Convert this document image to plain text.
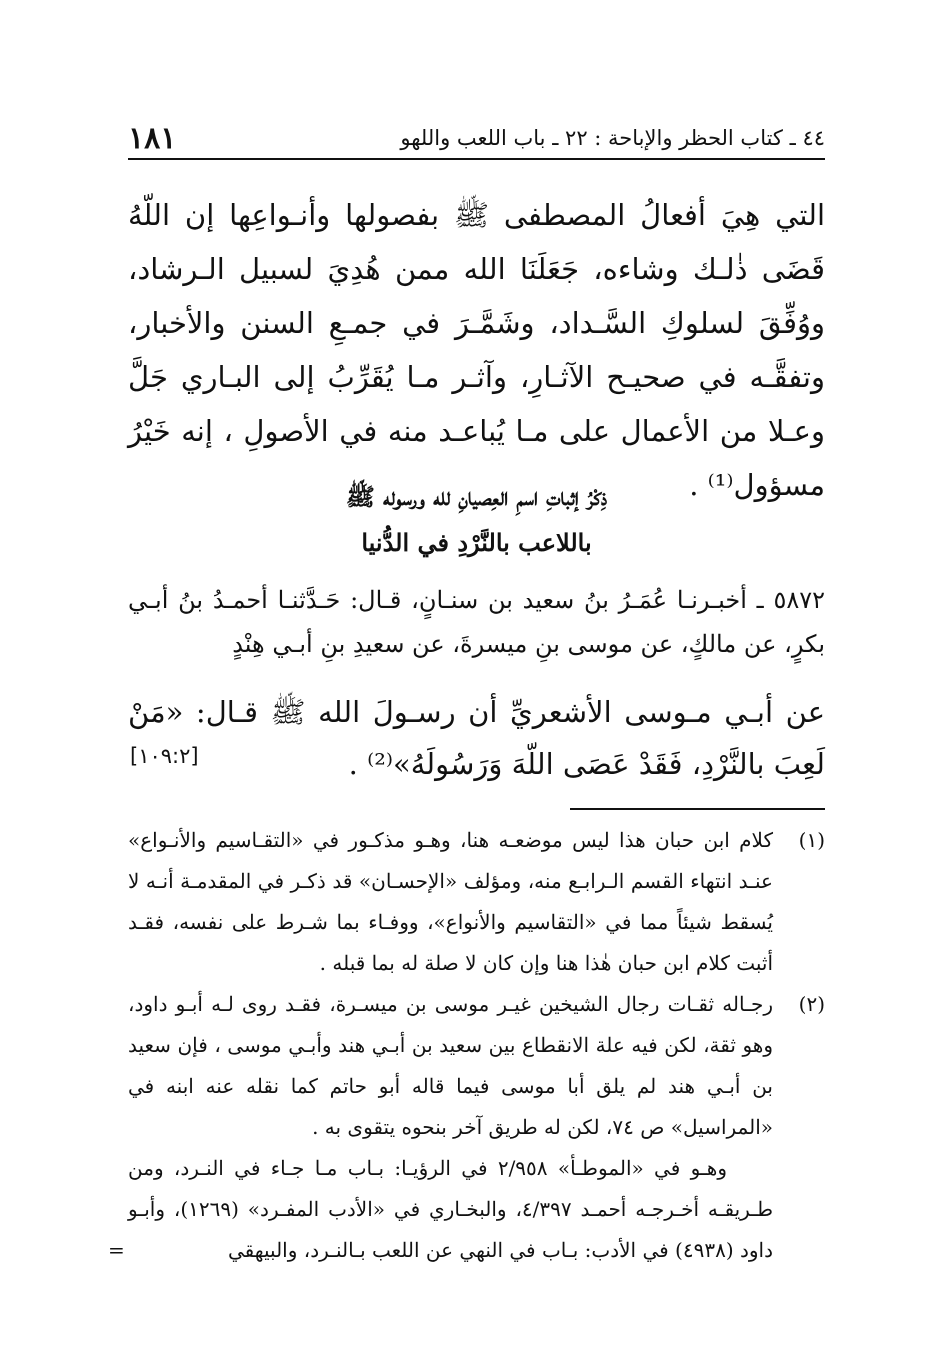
٤٤ ـ كتاب الحظر والإباحة : ٢٢ ـ باب اللعب واللهو
١٨١

التي هِيَ أفعالُ المصطفى ﷺ بفصولها وأنـواعِها إن اللّهُ قَضَى ذٰلـك وشاءه، جَعَلَنَا الله ممن هُدِيَ لسبيل الـرشاد، ووُفِّقَ لسلوكِ السَّـداد، وشَمَّـرَ في جمـعِ السنن والأخبار، وتفقَّـه في صحيـح الآثـارِ، وآثـر مـا يُقَرِّبُ إلى البـاري جَلَّ وعـلا من الأعمال على مـا يُباعـد منه في الأصولِ ، إنه خَيْرُ مسؤول⁽¹⁾ .

ذِكْرُ إثباتِ اسمِ العِصيانِ لله ورسوله ﷺ
باللاعب بالنَّرْدِ في الدُّنيا

٥٨٧٢ ـ أخبـرنـا عُمَـرُ بنُ سعيد بن سنـانٍ، قـال: حَـدَّثنـا أحمـدُ بنُ أبـي بكرٍ، عن مالكٍ، عن موسى بنِ ميسرةَ، عن سعيدِ بنِ أبـي هِنْدٍ

عن أبـي مـوسى الأشعريِّ أن رسـولَ الله ﷺ قـال: «مَنْ لَعِبَ بالنَّرْدِ، فَقَدْ عَصَى اللّهَ وَرَسُولَهُ»⁽²⁾ .

[١٠٩:٢]
(١)
كلام ابن حبان هذا ليس موضعـه هنا، وهـو مذكـور في «التقـاسيم والأنـواع» عنـد انتهاء القسم الـرابـع منه، ومؤلف «الإحسـان» قد ذكـر في المقدمـة أنـه لا يُسقط شيئاً مما في «التقاسيم والأنواع»، ووفـاء بما شـرط على نفسه، فقـد أثبت كلام ابن حبان هٰذا هنا وإن كان لا صلة له بما قبله .
(٢)
رجـاله ثقـات رجال الشيخين غيـر موسى بن ميسـرة، فقـد روى لـه أبـو داود، وهو ثقة، لكن فيه علة الانقطاع بين سعيد بن أبـي هند وأبـي موسى ، فإن سعيد بن أبـي هند لم يلق أبا موسى فيما قاله أبو حاتم كما نقله عنه ابنه في «المراسيل» ص ٧٤، لكن له طريق آخر بنحوه يتقوى به .
وهـو في «الموطـأ» ٢/٩٥٨ في الرؤيـا: بـاب مـا جـاء في النـرد، ومن طـريقـه أخـرجـه أحمـد ٤/٣٩٧، والبخـاري في «الأدب المفـرد» (١٢٦٩)، وأبـو داود (٤٩٣٨) في الأدب: بـاب في النهي عن اللعب بـالنـرد، والبيهقي
=
